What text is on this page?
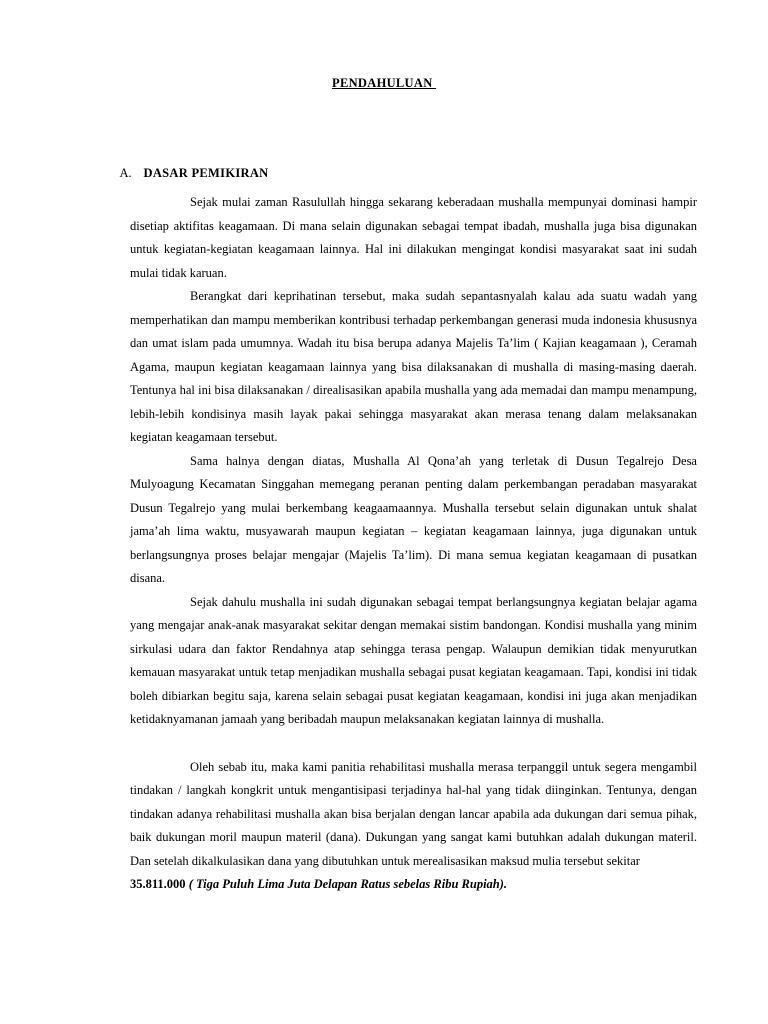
PENDAHULUAN

A. DASAR PEMIKIRAN

Sejak mulai zaman Rasulullah hingga sekarang keberadaan mushalla mempunyai dominasi hampir disetiap aktifitas keagamaan. Di mana selain digunakan sebagai tempat ibadah, mushalla juga bisa digunakan untuk kegiatan-kegiatan keagamaan lainnya. Hal ini dilakukan mengingat kondisi masyarakat saat ini sudah mulai tidak karuan.

Berangkat dari keprihatinan tersebut, maka sudah sepantasnyalah kalau ada suatu wadah yang memperhatikan dan mampu memberikan kontribusi terhadap perkembangan generasi muda indonesia khususnya dan umat islam pada umumnya. Wadah itu bisa berupa adanya Majelis Ta’lim ( Kajian keagamaan ), Ceramah Agama, maupun kegiatan keagamaan lainnya yang bisa dilaksanakan di mushalla di masing-masing daerah. Tentunya hal ini bisa dilaksanakan / direalisasikan apabila mushalla yang ada memadai dan mampu menampung, lebih-lebih kondisinya masih layak pakai sehingga masyarakat akan merasa tenang dalam melaksanakan kegiatan keagamaan tersebut.

Sama halnya dengan diatas, Mushalla Al Qona’ah yang terletak di Dusun Tegalrejo Desa Mulyoagung Kecamatan Singgahan memegang peranan penting dalam perkembangan peradaban masyarakat Dusun Tegalrejo yang mulai berkembang keagaamaannya. Mushalla tersebut selain digunakan untuk shalat jama’ah lima waktu, musyawarah maupun kegiatan – kegiatan keagamaan lainnya, juga digunakan untuk berlangsungnya proses belajar mengajar (Majelis Ta’lim). Di mana semua kegiatan keagamaan di pusatkan disana.

Sejak dahulu mushalla ini sudah digunakan sebagai tempat berlangsungnya kegiatan belajar agama yang mengajar anak-anak masyarakat sekitar dengan memakai sistim bandongan. Kondisi mushalla yang minim sirkulasi udara dan faktor Rendahnya atap sehingga terasa pengap. Walaupun demikian tidak menyurutkan kemauan masyarakat untuk tetap menjadikan mushalla sebagai pusat kegiatan keagamaan. Tapi, kondisi ini tidak boleh dibiarkan begitu saja, karena selain sebagai pusat kegiatan keagamaan, kondisi ini juga akan menjadikan ketidaknyamanan jamaah yang beribadah maupun melaksanakan kegiatan lainnya di mushalla.

Oleh sebab itu, maka kami panitia rehabilitasi mushalla merasa terpanggil untuk segera mengambil tindakan / langkah kongkrit untuk mengantisipasi terjadinya hal-hal yang tidak diinginkan. Tentunya, dengan tindakan adanya rehabilitasi mushalla akan bisa berjalan dengan lancar apabila ada dukungan dari semua pihak, baik dukungan moril maupun materil (dana). Dukungan yang sangat kami butuhkan adalah dukungan materil. Dan setelah dikalkulasikan dana yang dibutuhkan untuk merealisasikan maksud mulia tersebut sekitar

35.811.000 ( Tiga Puluh Lima Juta Delapan Ratus sebelas Ribu Rupiah).
